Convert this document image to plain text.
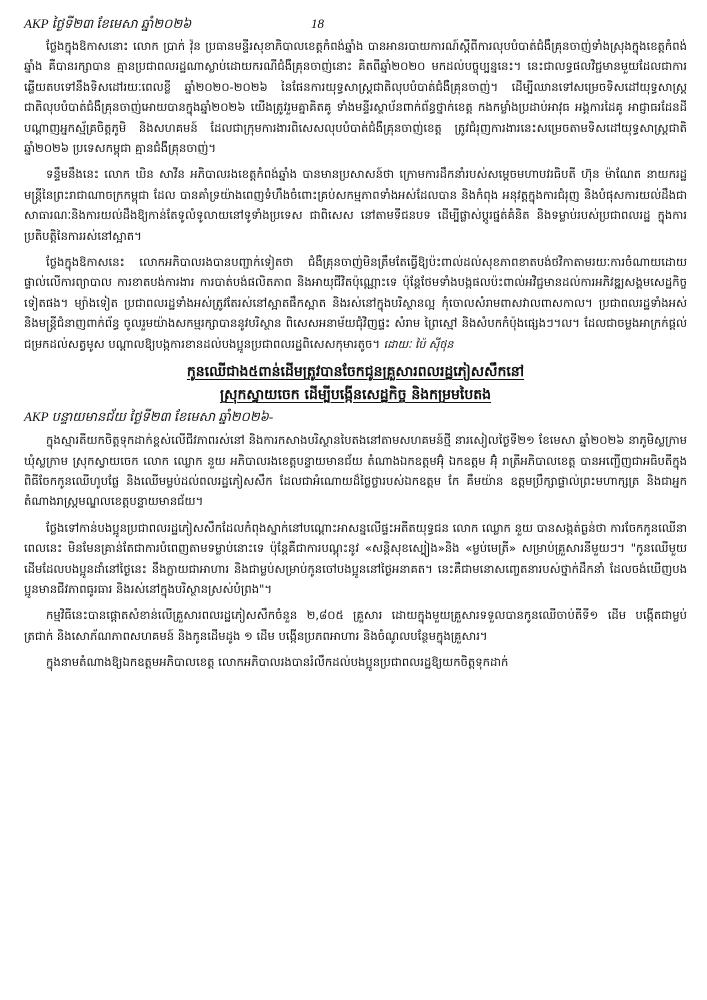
AKP ថ្ងៃទី២៣ ខែមេសា ឆ្នាំ២០២៦	18

ថ្លែងក្នុងឱកាសនោះ លោក ប្រាក់ វ៉ុន ប្រធានមន្ទីរសុខាភិបាលខេត្តកំពង់ឆ្នាំង បានអានរបាយការណ៍ស្ដីពីការលុបបំបាត់ជំងឺគ្រុនចាញ់ទាំងស្រុងក្នុងខេត្តកំពង់ឆ្នាំង គឺបានរក្សាបាន គ្មានប្រជាពលរដ្ឋណាស្លាប់ដោយករណីជំងឺគ្រុនចាញ់នោះ គិតពីឆ្នាំ២០២០ មកដល់បច្ចុប្បន្ននេះ។ នេះជាលទ្ធផលវិជ្ជមានមួយដែលជាការឆ្លើយតបទៅនឹងទិសដៅរយៈពេលខ្លី ឆ្នាំ២០២០-២០២៦ នៃផែនការយុទ្ធសាស្រ្តជាតិលុបបំបាត់ជំងឺគ្រុនចាញ់។ ដើម្បីឈានទៅសម្រេចទិសដៅយុទ្ធសាស្រ្តជាតិលុបបំបាត់ជំងឺគ្រុនចាញ់អោយបានក្នុងឆ្នាំ២០២៦ យើងត្រូវរួមគ្នាគិតគូ ទាំងមន្ទីរស្ថាប័នពាក់ព័ន្ធថ្នាក់ខេត្ត កងកម្លាំងប្រដាប់អាវុធ អង្គការដៃគូ អាជ្ញាធរដែនដី បណ្ដាញអ្នកស្ម័គ្រចិត្តភូមិ និងសហគមន៍ ដែលជាក្រុមការងារពិសេសលុបបំបាត់ជំងឺគ្រុនចាញ់ខេត្ត ត្រូវជំរុញការងារនេះសម្រេចតាមទិសដៅយុទ្ធសាស្ត្រជាតិ ឆ្នាំ២០២៦ ប្រទេសកម្ពុជា គ្មានជំងឺគ្រុនចាញ់។

ទន្ទឹមនឹងនេះ លោក ឃិន សាវីន អភិបាលរងខេត្តកំពង់ឆ្នាំង បានមានប្រសាសន៍ថា ក្រោមការដឹកនាំរបស់សម្ដេចមហាបវរធិបតី ហ៊ុន ម៉ាណែត នាយករដ្ឋមន្ត្រីនៃព្រះរាជាណាចក្រកម្ពុជា ដែល បានគាំទ្រយ៉ាងពេញទំហឹងចំពោះគ្រប់សកម្មភាពទាំងអស់ដែលបាន និងកំពុង អនុវត្តក្នុងការជំរុញ និងបំផុសការយល់ដឹងជាសាធារណៈនិងការយល់ដឹងឱ្យកាន់តែទូលំទូលាយនៅទូទាំងប្រទេស ជាពិសេស នៅតាមទីជនបទ ដើម្បីផ្លាស់ប្ដូរផ្នត់គំនិត និងទម្លាប់របស់ប្រជាពលរដ្ឋ ក្នុងការប្រតិបត្តិនៃការរស់នៅស្អាត។

ថ្លែងក្នុងឱកាសនេះ លោកអភិបាលរងបានបញ្ជាក់ទៀតថា ជំងឺគ្រុនចាញ់មិនត្រឹមតែធ្វើឱ្យប៉ះពាល់ដល់សុខភាពខាតបង់ថវិកាតាមរយៈការចំណាយដោយផ្ទាល់លើការព្យាបាល ការខាតបង់ការងារ ការបាត់បង់ផលិតភាព និងអាយុជីវិតប៉ុណ្ណោះទេ ប៉ុន្តែថែមទាំងបង្កផលប៉ះពាល់អវិជ្ជមានដល់ការអភិវឌ្ឍសង្គមសេដ្ឋកិច្ចទៀតផង។ ម្យ៉ាងទៀត ប្រជាពលរដ្ឋទាំងអស់ត្រូវតែរស់នៅស្អាតផឹកស្អាត និងរស់នៅក្នុងបរិស្ថានល្អ កុំចោលសំរាមពាសវាលពាសកាល។ ប្រជាពលរដ្ឋទាំងអស់ និងមន្ត្រីជំនាញពាក់ព័ន្ធ ចូលរួមយ៉ាងសកម្មរក្សាបាននូវបរិស្ថាន ពិសេសអនាម័យជុំវិញផ្ទះ សំរាម ព្រៃស្មៅ និងសំបកកំប៉ុងផ្សេងៗ។ល។ ដែលជាចម្លងអាក្រក់ផ្ដល់ជម្រកដល់សត្វមូស បណ្ដាលឱ្យបង្កការខានដល់បងប្អូនប្រជាពលរដ្ឋពិសេសកុមារតូច។ ដោយៈ ប៉ៃ ស៊ីថុន

កូនឈើជាង៥ពាន់ដើមត្រូវបានចែកជូនគ្រួសារពលរដ្ឋភៀសសឹកនៅ

ស្រុកស្វាយចេក ដើម្បីបង្កើនសេដ្ឋកិច្ច និងកម្រមបៃតង

AKP បន្ទាយមានជ័យ ថ្ងៃទី២៣ ខែមេសា ឆ្នាំ២០២៦-

ក្នុងស្មារតីយកចិត្តទុកដាក់ខ្ពស់លើជីវភាពរស់នៅ និងការកសាងបរិស្ថានបៃតងនៅតាមសហគមន៍ថ្មី នារសៀលថ្ងៃទី២១ ខែមេសា ឆ្នាំ២០២៦ នាភូមិស្លក្រាម ឃុំស្លក្រាម ស្រុកស្វាយចេក លោក ឈ្លោក នួយ អភិបាលរងខេត្តបន្ទាយមានជ័យ តំណាងឯកឧត្តមអ៊ុំ ឯកឧត្តម អ៊ុំ រាត្រីអភិបាលខេត្ត បានអញ្ជើញជាអធិបតីក្នុងពិធីចែកកូនឈើហូបផ្លែ និងឈើមម្លប់ដល់ពលរដ្ឋភៀសសឹក ដែលជាអំណោយដ៏ថ្លៃថ្លារបស់ឯកឧត្តម កែ គឹមយ៉ាន ឧត្តមប្រឹក្សាផ្ទាល់ព្រះមហាក្សត្រ និងជាអ្នកតំណាងរាស្ត្រមណ្ឌលខេត្តបន្ទាយមានជ័យ។

ថ្លែងទៅកាន់បងប្អូនប្រជាពលរដ្ឋភៀសសឹកដែលកំពុងស្នាក់នៅបណ្ដោះអាសន្នលើផ្ទះអតីតយុទ្ធជន លោក ឈ្លោក នួយ បានសង្កត់ធ្ងន់ថា ការចែកកូនឈើនាពេលនេះ មិនមែនគ្រាន់តែជាការបំពេញតាមទម្លាប់នោះទេ ប៉ុន្តែគឺជាការបណ្ដុះនូវ «សន្តិសុខស្បៀង»និង «ម្លប់មេត្រី» សម្រាប់គ្រួសារនីមួយៗ។ "កូនឈើមួយដើមដែលបងប្អូនដាំនៅថ្ងៃនេះ នឹងក្លាយជាអាហារ និងជាម្លប់សម្រាប់កូនចៅបងប្អូននៅថ្ងៃអនាគត។ នេះគឺជាមនោសញ្ចេតនារបស់ថ្នាក់ដឹកនាំ ដែលចង់ឃើញបងប្អូនមានជីវភាពធូរធារ និងរស់នៅក្នុងបរិស្ថានស្រស់បំព្រង"។

កម្មវិធីនេះបានផ្តោតសំខាន់លើគ្រួសារពលរដ្ឋភៀសសឹកចំនួន ២,៨០៥ គ្រួសារ ដោយក្នុងមួយគ្រួសារទទួលបានកូនឈើចាប់តីទី១ ដើម បង្កើតជាម្លប់ត្រជាក់ និងសោភ័ណភាពសហគមន៍ និងកូនដើមដូង ១ ដើម បង្កើនប្រភពអាហារ និងចំណូលបន្ថែមក្នុងគ្រួសារ។

ក្នុងនាមតំណាងឱ្យឯកឧត្តមអភិបាលខេត្ត លោកអភិបាលរងបានរំលឹកដល់បងប្អូនប្រជាពលរដ្ឋឱ្យយកចិត្តទុកដាក់
